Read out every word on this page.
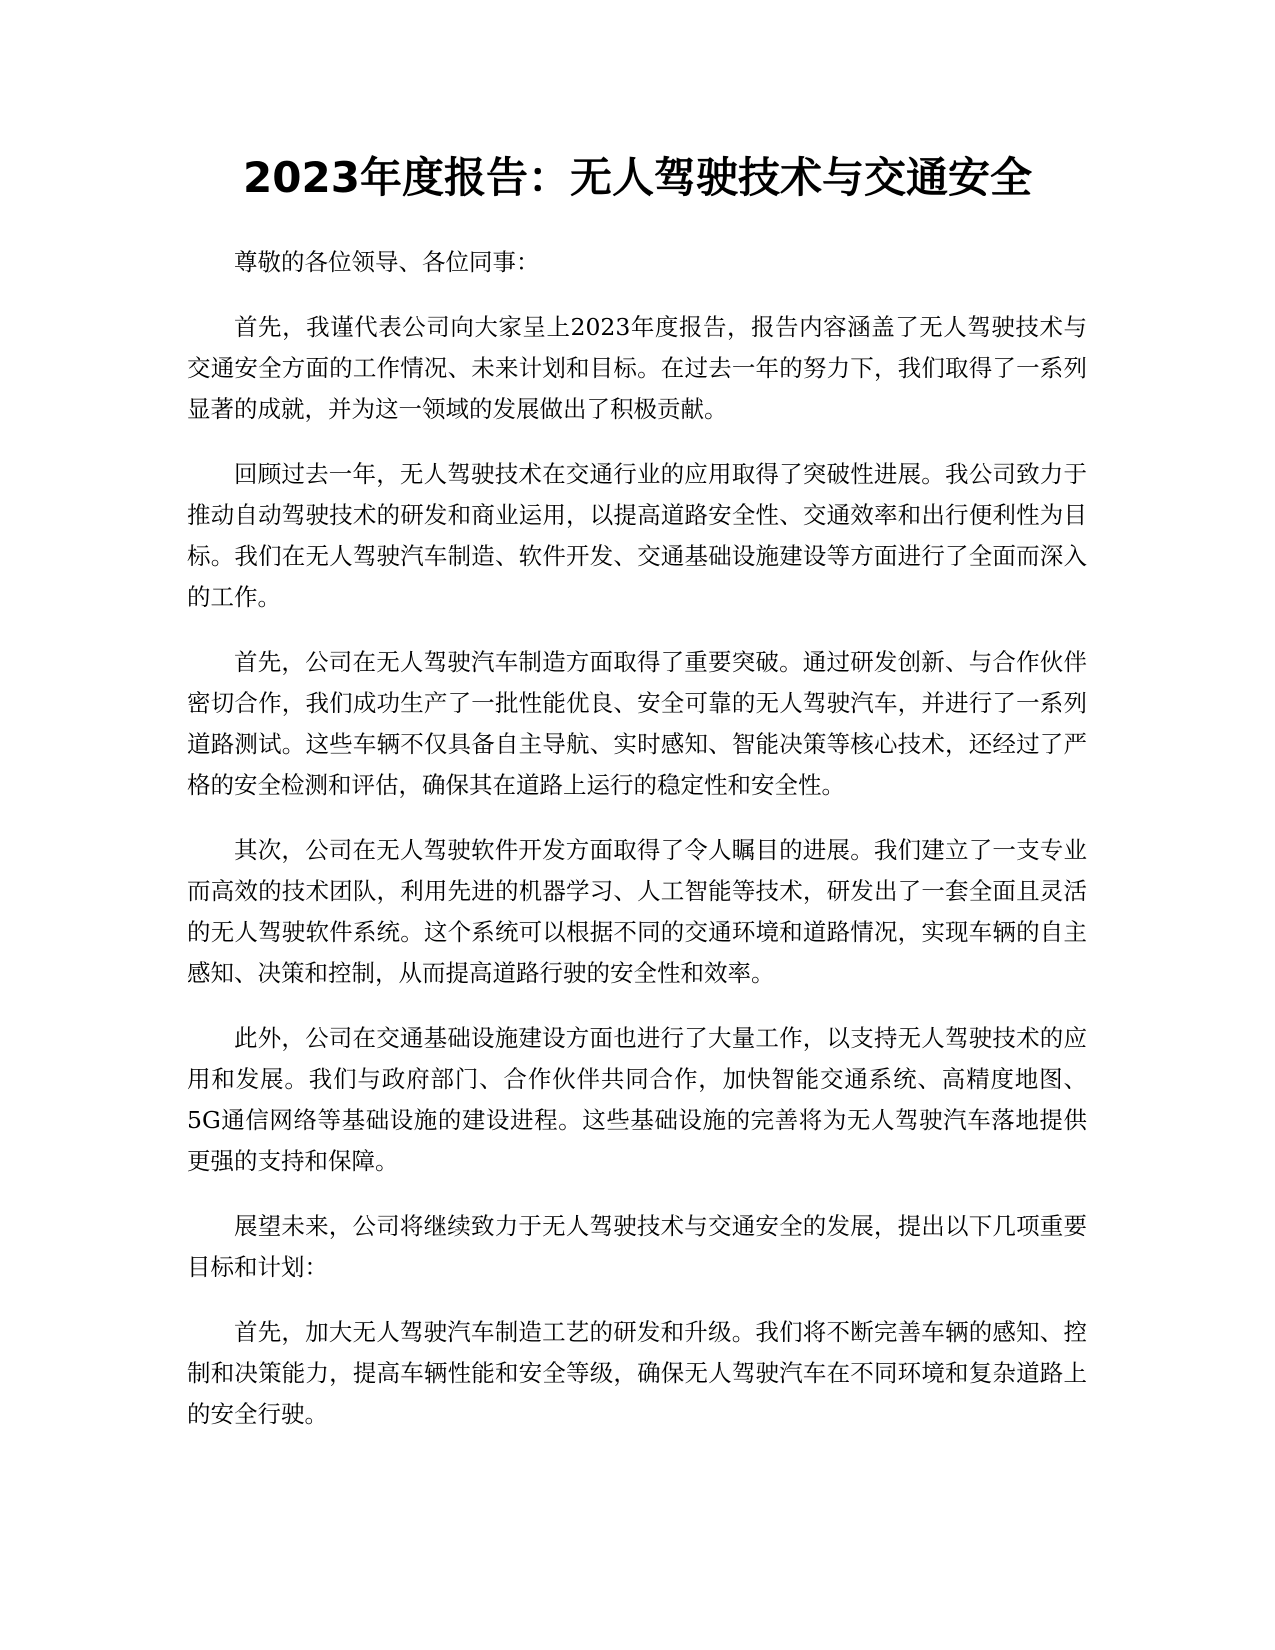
2023年度报告：无人驾驶技术与交通安全

尊敬的各位领导、各位同事：

首先，我谨代表公司向大家呈上2023年度报告，报告内容涵盖了无人驾驶技术与交通安全方面的工作情况、未来计划和目标。在过去一年的努力下，我们取得了一系列显著的成就，并为这一领域的发展做出了积极贡献。

回顾过去一年，无人驾驶技术在交通行业的应用取得了突破性进展。我公司致力于推动自动驾驶技术的研发和商业运用，以提高道路安全性、交通效率和出行便利性为目标。我们在无人驾驶汽车制造、软件开发、交通基础设施建设等方面进行了全面而深入的工作。

首先，公司在无人驾驶汽车制造方面取得了重要突破。通过研发创新、与合作伙伴密切合作，我们成功生产了一批性能优良、安全可靠的无人驾驶汽车，并进行了一系列道路测试。这些车辆不仅具备自主导航、实时感知、智能决策等核心技术，还经过了严格的安全检测和评估，确保其在道路上运行的稳定性和安全性。

其次，公司在无人驾驶软件开发方面取得了令人瞩目的进展。我们建立了一支专业而高效的技术团队，利用先进的机器学习、人工智能等技术，研发出了一套全面且灵活的无人驾驶软件系统。这个系统可以根据不同的交通环境和道路情况，实现车辆的自主感知、决策和控制，从而提高道路行驶的安全性和效率。

此外，公司在交通基础设施建设方面也进行了大量工作，以支持无人驾驶技术的应用和发展。我们与政府部门、合作伙伴共同合作，加快智能交通系统、高精度地图、5G通信网络等基础设施的建设进程。这些基础设施的完善将为无人驾驶汽车落地提供更强的支持和保障。

展望未来，公司将继续致力于无人驾驶技术与交通安全的发展，提出以下几项重要目标和计划：

首先，加大无人驾驶汽车制造工艺的研发和升级。我们将不断完善车辆的感知、控制和决策能力，提高车辆性能和安全等级，确保无人驾驶汽车在不同环境和复杂道路上的安全行驶。
